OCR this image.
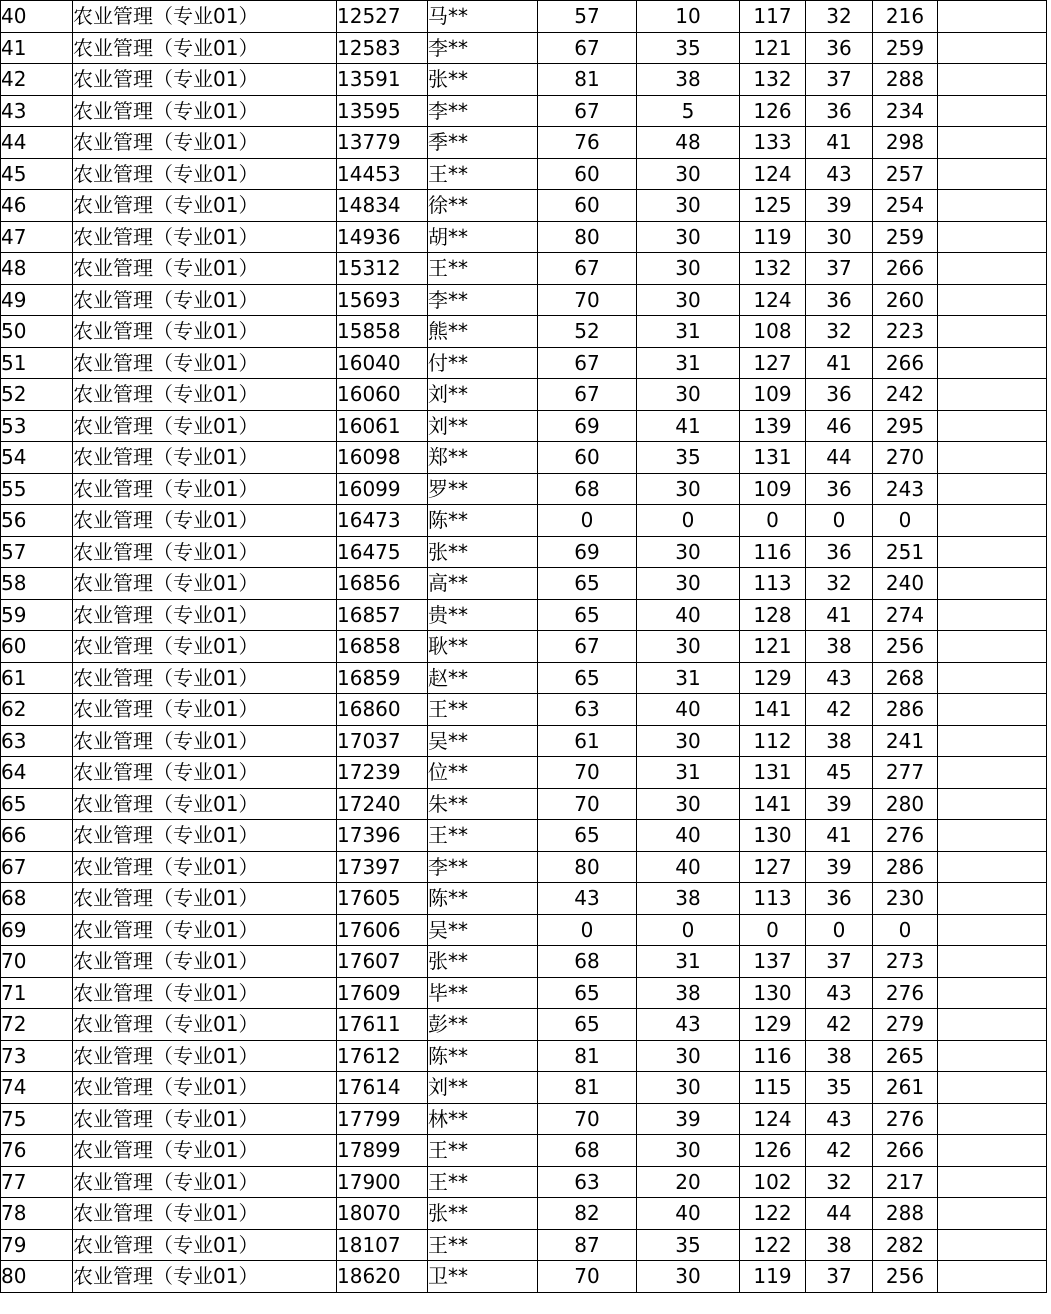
40	农业管理（专业01）	12527	马**	57	10	117	32	216	
41	农业管理（专业01）	12583	李**	67	35	121	36	259	
42	农业管理（专业01）	13591	张**	81	38	132	37	288	
43	农业管理（专业01）	13595	李**	67	5	126	36	234	
44	农业管理（专业01）	13779	季**	76	48	133	41	298	
45	农业管理（专业01）	14453	王**	60	30	124	43	257	
46	农业管理（专业01）	14834	徐**	60	30	125	39	254	
47	农业管理（专业01）	14936	胡**	80	30	119	30	259	
48	农业管理（专业01）	15312	王**	67	30	132	37	266	
49	农业管理（专业01）	15693	李**	70	30	124	36	260	
50	农业管理（专业01）	15858	熊**	52	31	108	32	223	
51	农业管理（专业01）	16040	付**	67	31	127	41	266	
52	农业管理（专业01）	16060	刘**	67	30	109	36	242	
53	农业管理（专业01）	16061	刘**	69	41	139	46	295	
54	农业管理（专业01）	16098	郑**	60	35	131	44	270	
55	农业管理（专业01）	16099	罗**	68	30	109	36	243	
56	农业管理（专业01）	16473	陈**	0	0	0	0	0	
57	农业管理（专业01）	16475	张**	69	30	116	36	251	
58	农业管理（专业01）	16856	高**	65	30	113	32	240	
59	农业管理（专业01）	16857	贵**	65	40	128	41	274	
60	农业管理（专业01）	16858	耿**	67	30	121	38	256	
61	农业管理（专业01）	16859	赵**	65	31	129	43	268	
62	农业管理（专业01）	16860	王**	63	40	141	42	286	
63	农业管理（专业01）	17037	吴**	61	30	112	38	241	
64	农业管理（专业01）	17239	位**	70	31	131	45	277	
65	农业管理（专业01）	17240	朱**	70	30	141	39	280	
66	农业管理（专业01）	17396	王**	65	40	130	41	276	
67	农业管理（专业01）	17397	李**	80	40	127	39	286	
68	农业管理（专业01）	17605	陈**	43	38	113	36	230	
69	农业管理（专业01）	17606	吴**	0	0	0	0	0	
70	农业管理（专业01）	17607	张**	68	31	137	37	273	
71	农业管理（专业01）	17609	毕**	65	38	130	43	276	
72	农业管理（专业01）	17611	彭**	65	43	129	42	279	
73	农业管理（专业01）	17612	陈**	81	30	116	38	265	
74	农业管理（专业01）	17614	刘**	81	30	115	35	261	
75	农业管理（专业01）	17799	林**	70	39	124	43	276	
76	农业管理（专业01）	17899	王**	68	30	126	42	266	
77	农业管理（专业01）	17900	王**	63	20	102	32	217	
78	农业管理（专业01）	18070	张**	82	40	122	44	288	
79	农业管理（专业01）	18107	王**	87	35	122	38	282	
80	农业管理（专业01）	18620	卫**	70	30	119	37	256	
